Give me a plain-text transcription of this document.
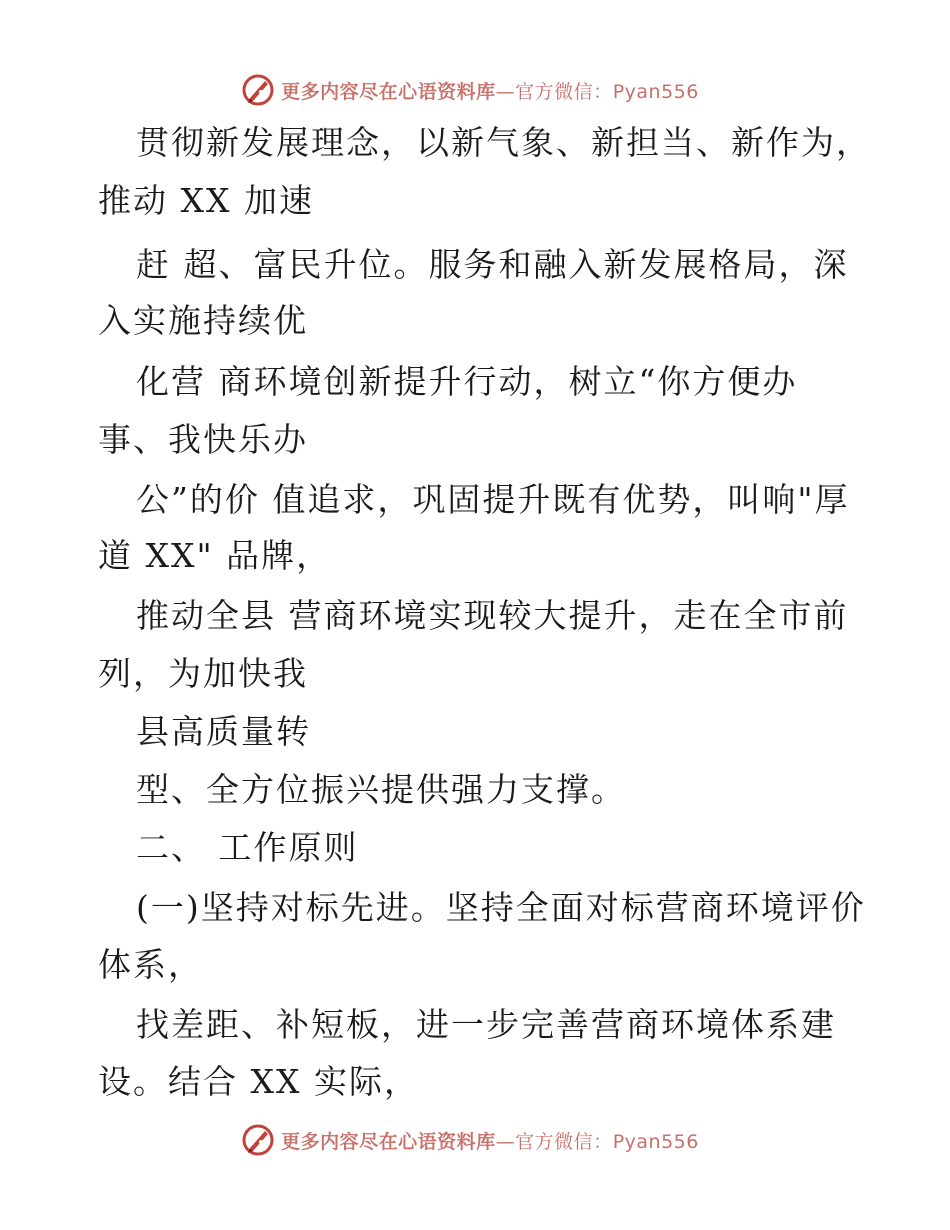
更多内容尽在心语资料库—官方微信：Pyan556
贯彻新发展理念，以新气象、新担当、新作为，
推动 XX 加速
赶 超、富民升位。服务和融入新发展格局，深
入实施持续优
化营 商环境创新提升行动，树立“你方便办
事、我快乐办
公”的价 值追求，巩固提升既有优势，叫响"厚
道 XX" 品牌，
推动全县 营商环境实现较大提升，走在全市前
列，为加快我
县高质量转
型、全方位振兴提供强力支撑。
二、 工作原则
(一)坚持对标先进。坚持全面对标营商环境评价
体系，
找差距、补短板，进一步完善营商环境体系建
设。结合 XX 实际，
更多内容尽在心语资料库—官方微信：Pyan556
